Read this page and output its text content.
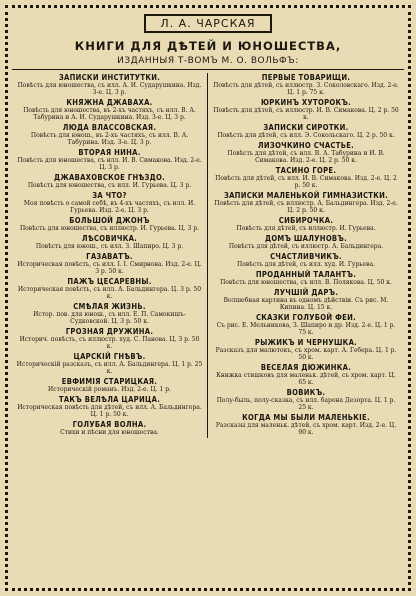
Л. А. ЧАРСКАЯ
КНИГИ ДЛЯ ДѢТЕЙ И ЮНОШЕСТВА,
ИЗДАННЫЯ Т-ВОМЪ М. О. ВОЛЬФЪ:
ЗАПИСКИ ИНСТИТУТКИ.
Повѣсть для юношества, съ илл. А. И. Сударушкина. Изд. 3-е. Ц. 3 р.
КНЯЖНА ДЖАВАХА.
Повѣсть для юношества, въ 2-хъ частяхъ, съ илл. В. А. Табурина и А. И. Сударушкина. Изд. 3-е. Ц. 3 р.
ЛЮДА ВЛАССОВСКАЯ.
Повѣсть для юнош., въ 2-хъ частяхъ, съ илл. В. А. Табурина. Изд. 3-е. Ц. 3 р.
ВТОРАЯ НИНА.
Повѣсть для юношества, съ илл. И. В. Симакова. Изд. 2-е. Ц. 3 р.
ДЖАВАХОВСКОЕ ГНѢЗДО.
Повѣсть для юношества, съ илл. И. Гурьева. Ц. 3 р.
ЗА ЧТО?
Моя повѣсть о самой себѣ, въ 4-хъ частяхъ, съ илл. И. Гурьева. Изд. 2-е. Ц. 3 р.
БОЛЬШОЙ ДЖОНЪ
Повѣсть для юношества, съ иллюстр. И. Гурьева. Ц. 3 р.
ЛѢСОВИЧКА.
Повѣсть для юнош., съ илл. З. Шапиро. Ц. 3 р.
ГАЗАВАТЪ.
Историческая повѣсть, съ илл. І. І. Смирнова. Изд. 2-е. Ц. 3 р. 50 к.
ПАЖЪ ЦЕСАРЕВНЫ.
Историческая повѣсть, съ илл. А. Бальдингера. Ц. 3 р. 50 к.
СМѢЛАЯ ЖИЗНЬ.
Истор. пов. для юнош., съ илл. Е. П. Самокишъ-Судковской. Ц. 3 р. 50 к.
ГРОЗНАЯ ДРУЖИНА.
Историч. повѣсть, съ иллюстр. худ. С. Панова. Ц. 3 р. 50 к.
ЦАРСКІЙ ГНѢВЪ.
Историческій разсказъ, съ илл. А. Бальдингера. Ц. 1 р. 25 к.
ЕВФИМІЯ СТАРИЦКАЯ.
Историческій романъ. Изд. 2-е. Ц. 1 р.
ТАКЪ ВЕЛѢЛА ЦАРИЦА.
Историческая повѣсть для дѣтей, съ илл. А. Бальдингера. Ц. 1 р. 50 к.
ГОЛУБАЯ ВОЛНА.
Стихи и пѣсни для юношества.
ПЕРВЫЕ ТОВАРИЩИ.
Повѣсть для дѣтей, съ иллюстр. З. Соколовскаго. Изд. 2-е. Ц. 1 р. 75 к.
ЮРКИНЪ ХУТОРОКЪ.
Повѣсть для дѣтей, съ иллюстр. И. В. Симакова. Ц. 2 р. 50 к.
ЗАПИСКИ СИРОТКИ.
Повѣсть для дѣтей, съ илл. Э. Сокольскаго. Ц. 2 р. 50 к.
ЛИЗОЧКИНО СЧАСТЬЕ.
Повѣсть для дѣтей, съ илл. В. А. Табурина и И. В. Симакова. Изд. 2-е. Ц. 2 р. 50 к.
ТАСИНО ГОРЕ.
Повѣсть для дѣтей, съ илл. И. В. Симакова. Изд. 2-е. Ц. 2 р. 50 к.
ЗАПИСКИ МАЛЕНЬКОЙ ГИМНАЗИСТКИ.
Повѣсть для дѣтей, съ иллюстр. А. Бальдингера. Изд. 2-е. Ц. 2 р. 50 к.
СИБИРОЧКА.
Повѣсть для дѣтей, съ иллюстр. И. Гурьева.
ДОМЪ ШАЛУНОВЪ.
Повѣсть для дѣтей, съ иллюстр. А. Бальдингера.
СЧАСТЛИВЧИКЪ.
Повѣсть для дѣтей, съ илл. худ. И. Гурьева.
ПРОДАННЫЙ ТАЛАНТЪ.
Повѣсть для юношества, съ илл. В. Полякова. Ц. 50 к.
ЛУЧШІЙ ДАРЪ.
Волшебная картина въ одномъ дѣйствіи. Съ рис. М. Кипина. Ц. 15 к.
СКАЗКИ ГОЛУБОЙ ФЕИ.
Съ рис. Е. Мельникова, З. Шапиро и др. Изд. 2-е. Ц. 1 р. 75 к.
РЫЖИКЪ И ЧЕРНУШКА.
Разсказъ для малютокъ, съ хром. карт. А. Гебера. Ц. 1 р. 50 к.
ВЕСЕЛАЯ ДЮЖИНКА.
Книжка стишковъ для маленьк. дѣтей, съ хром. карт. Ц. 65 к.
ВОВИКЪ.
Полу-быль, полу-сказка, съ илл. барона Дезорта. Ц. 1 р. 25 к.
КОГДА МЫ БЫЛИ МАЛЕНЬКІЕ.
Разсказы для маленьк. дѣтей, съ хром. карт. Изд. 2-е. Ц. 90 к.
